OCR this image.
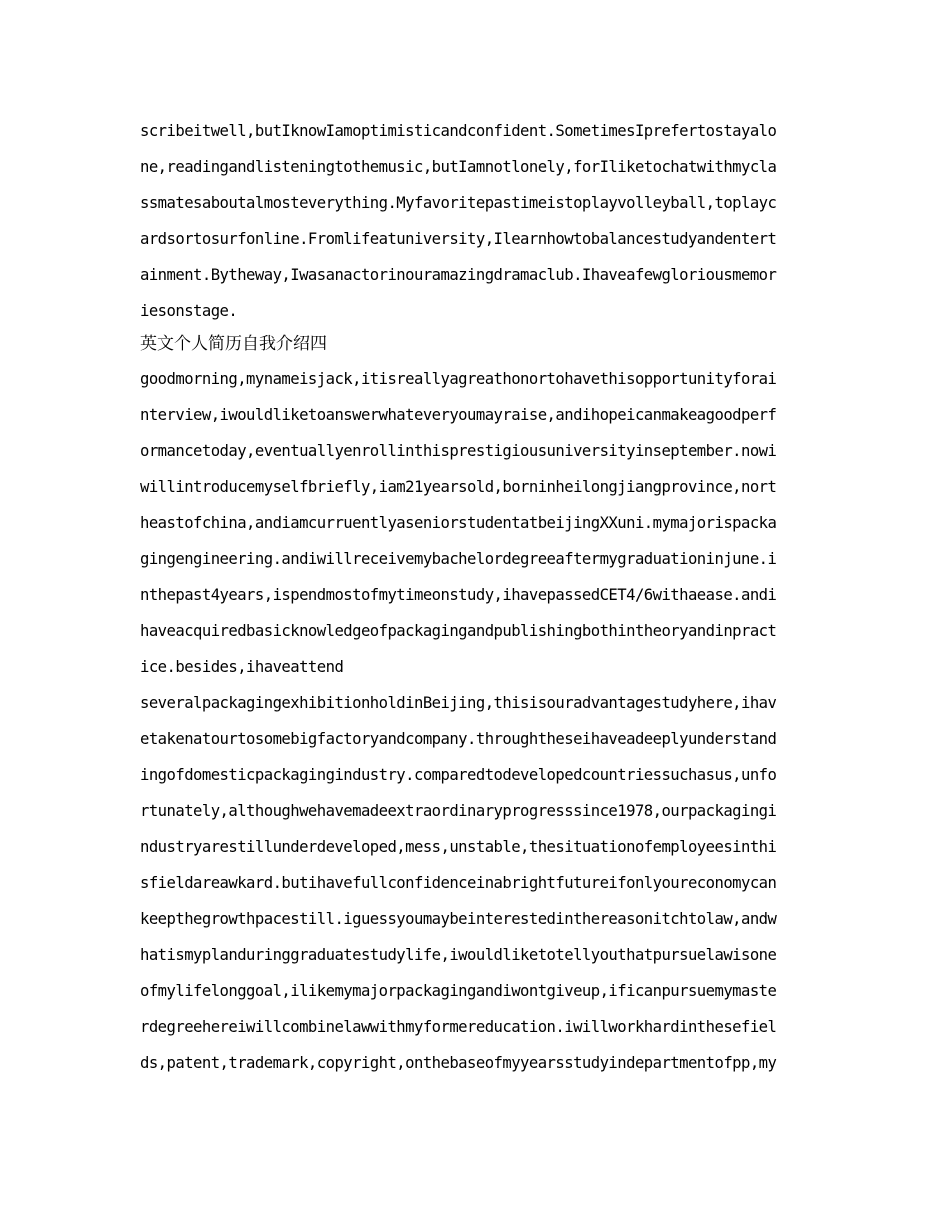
scribeitwell,butIknowIamoptimisticandconfident.SometimesIprefertostayalo
ne,readingandlisteningtothemusic,butIamnotlonely,forIliketochatwithmycla
ssmatesaboutalmosteverything.Myfavoritepastimeistoplayvolleyball,toplayc
ardsortosurfonline.Fromlifeatuniversity,Ilearnhowtobalancestudyandentert
ainment.Bytheway,Iwasanactorinouramazingdramaclub.Ihaveafewgloriousmemor
iesonstage.
英文个人简历自我介绍四
goodmorning,mynameisjack,itisreallyagreathonortohavethisopportunityforai
nterview,iwouldliketoanswerwhateveryoumayraise,andihopeicanmakeagoodperf
ormancetoday,eventuallyenrollinthisprestigiousuniversityinseptember.nowi
willintroducemyselfbriefly,iam21yearsold,borninheilongjiangprovince,nort
heastofchina,andiamcurruentlyaseniorstudentatbeijingXXuni.mymajorispacka
gingengineering.andiwillreceivemybachelordegreeaftermygraduationinjune.i
nthepast4years,ispendmostofmytimeonstudy,ihavepassedCET4/6withaease.andi
haveacquiredbasicknowledgeofpackagingandpublishingbothintheoryandinpract
ice.besides,ihaveattend
severalpackagingexhibitionholdinBeijing,thisisouradvantagestudyhere,ihav
etakenatourtosomebigfactoryandcompany.throughtheseihaveadeeplyunderstand
ingofdomesticpackagingindustry.comparedtodevelopedcountriessuchasus,unfo
rtunately,althoughwehavemadeextraordinaryprogresssince1978,ourpackagingi
ndustryarestillunderdeveloped,mess,unstable,thesituationofemployeesinthi
sfieldareawkard.butihavefullconfidenceinabrightfutureifonlyoureconomycan
keepthegrowthpacestill.iguessyoumaybeinterestedinthereasonitchtolaw,andw
hatismyplanduringgraduatestudylife,iwouldliketotellyouthatpursuelawisone
ofmylifelonggoal,ilikemymajorpackagingandiwontgiveup,ificanpursuemymaste
rdegreehereiwillcombinelawwithmyformereducation.iwillworkhardinthesefiel
ds,patent,trademark,copyright,onthebaseofmyyearsstudyindepartmentofpp,my
